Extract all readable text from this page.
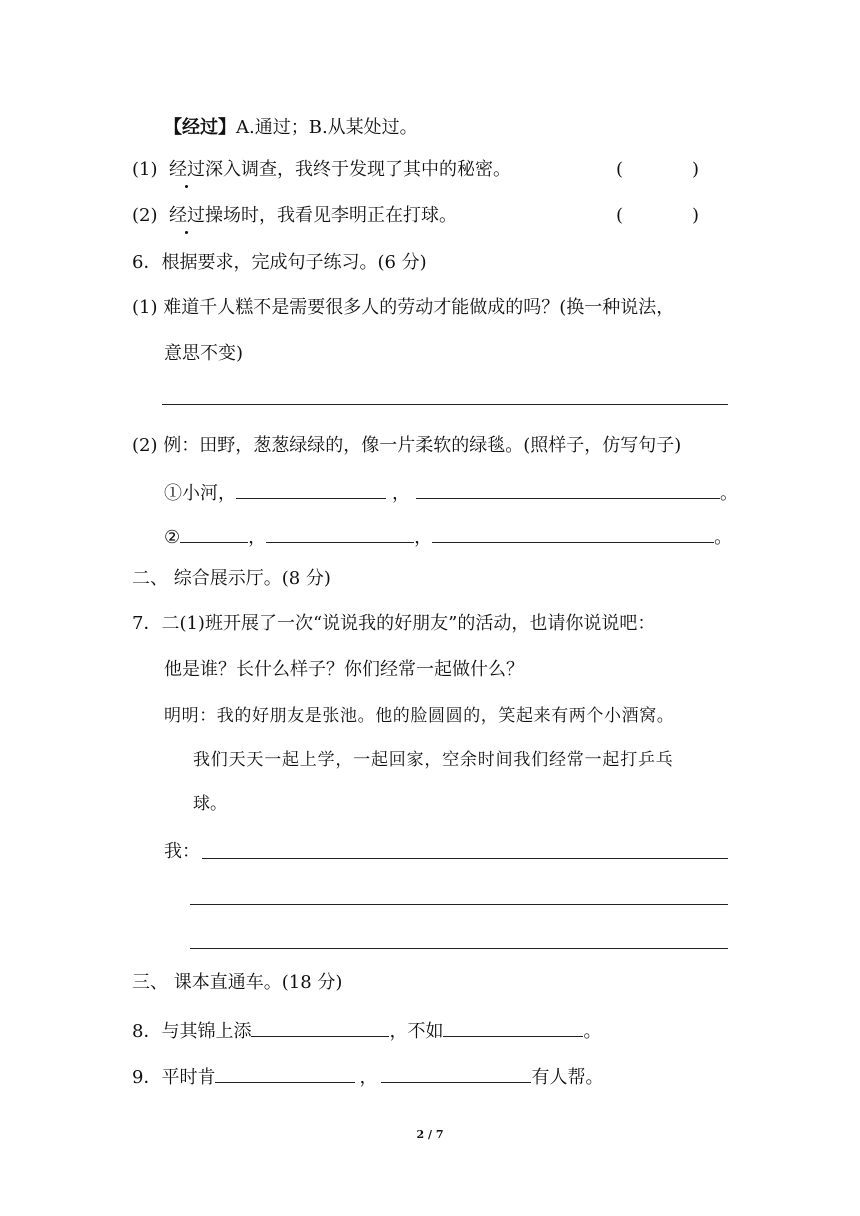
【经过】A.通过；B.从某处过。
(1) 经过深入调查，我终于发现了其中的秘密。	(	)
(2) 经过操场时，我看见李明正在打球。	(	)
6．根据要求，完成句子练习。(6 分)
(1) 难道千人糕不是需要很多人的劳动才能做成的吗？(换一种说法，
意思不变)
(2) 例：田野，葱葱绿绿的，像一片柔软的绿毯。(照样子，仿写句子)
①小河，	，	。
②	，	，	。
二、 综合展示厅。(8 分)
7．二(1)班开展了一次“说说我的好朋友”的活动，也请你说说吧：
他是谁？长什么样子？你们经常一起做什么？
明明：我的好朋友是张池。他的脸圆圆的，笑起来有两个小酒窝。
我们天天一起上学，一起回家，空余时间我们经常一起打乒乓
球。
我：
三、 课本直通车。(18 分)
8．与其锦上添	，不如	。
9．平时肯	，	有人帮。
2 / 7
